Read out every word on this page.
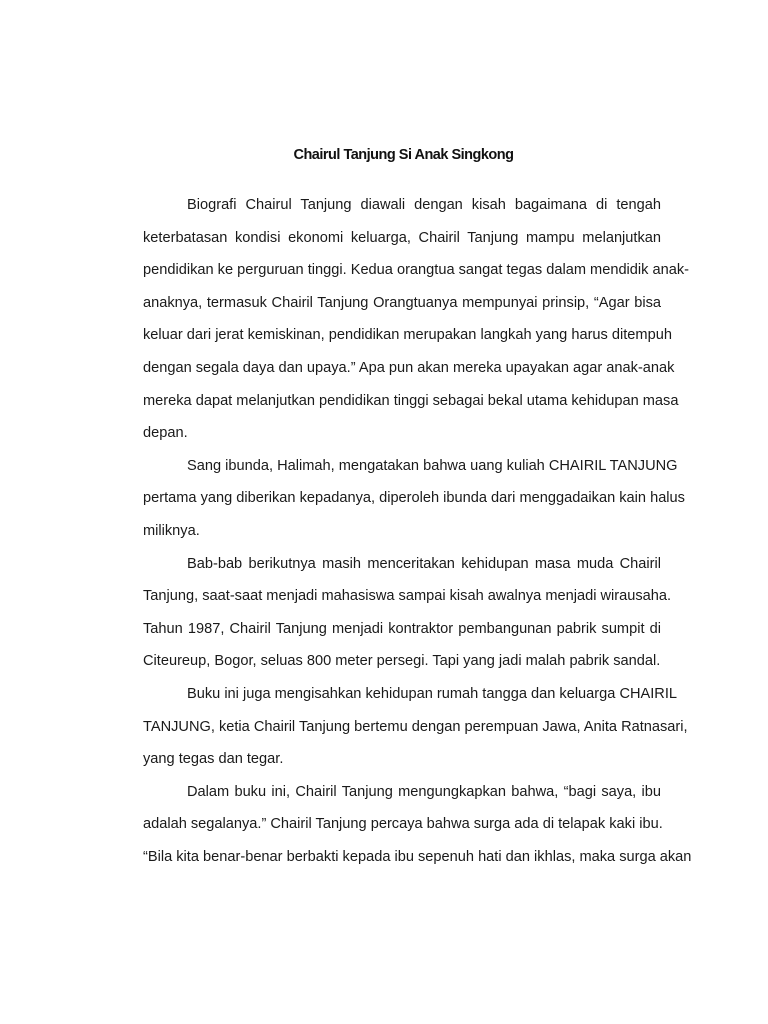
Chairul Tanjung Si Anak Singkong
Biografi Chairul Tanjung diawali dengan kisah bagaimana di tengah
keterbatasan kondisi ekonomi keluarga, Chairil Tanjung mampu melanjutkan
pendidikan ke perguruan tinggi. Kedua orangtua sangat tegas dalam mendidik anak-
anaknya, termasuk Chairil Tanjung Orangtuanya mempunyai prinsip, “Agar bisa
keluar dari jerat kemiskinan, pendidikan merupakan langkah yang harus ditempuh
dengan segala daya dan upaya.” Apa pun akan mereka upayakan agar anak-anak
mereka dapat melanjutkan pendidikan tinggi sebagai bekal utama kehidupan masa
depan.
Sang ibunda, Halimah, mengatakan bahwa uang kuliah CHAIRIL TANJUNG
pertama yang diberikan kepadanya, diperoleh ibunda dari menggadaikan kain halus
miliknya.
Bab-bab berikutnya masih menceritakan kehidupan masa muda Chairil
Tanjung, saat-saat menjadi mahasiswa sampai kisah awalnya menjadi wirausaha.
Tahun 1987, Chairil Tanjung menjadi kontraktor pembangunan pabrik sumpit di
Citeureup, Bogor, seluas 800 meter persegi. Tapi yang jadi malah pabrik sandal.
Buku ini juga mengisahkan kehidupan rumah tangga dan keluarga CHAIRIL
TANJUNG, ketia Chairil Tanjung bertemu dengan perempuan Jawa, Anita Ratnasari,
yang tegas dan tegar.
Dalam buku ini, Chairil Tanjung mengungkapkan bahwa, “bagi saya, ibu
adalah segalanya.” Chairil Tanjung percaya bahwa surga ada di telapak kaki ibu.
“Bila kita benar-benar berbakti kepada ibu sepenuh hati dan ikhlas, maka surga akan
